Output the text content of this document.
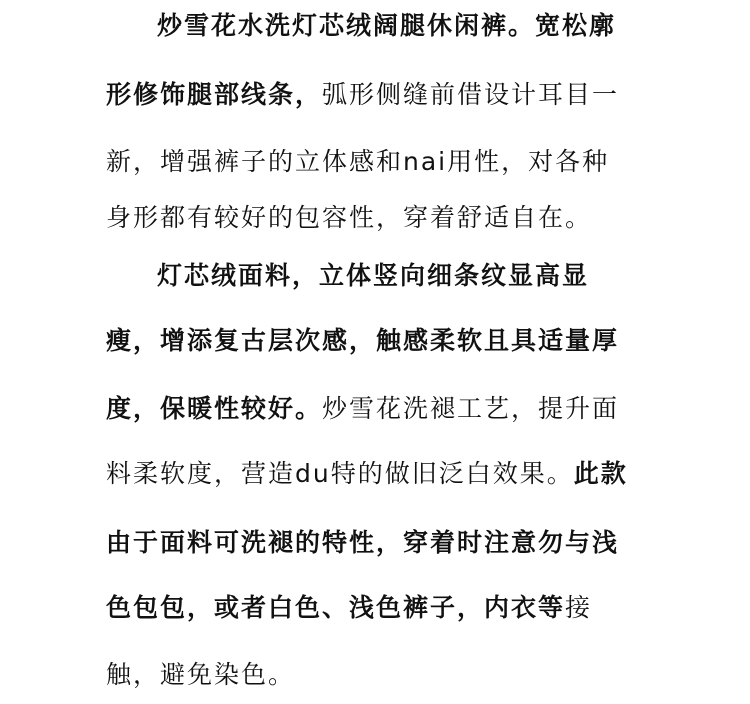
炒雪花水洗灯芯绒阔腿休闲裤。宽松廓
形修饰腿部线条，弧形侧缝前借设计耳目一
新，增强裤子的立体感和nai用性，对各种
身形都有较好的包容性，穿着舒适自在。
灯芯绒面料，立体竖向细条纹显高显
瘦，增添复古层次感，触感柔软且具适量厚
度，保暖性较好。炒雪花洗褪工艺，提升面
料柔软度，营造du特的做旧泛白效果。此款
由于面料可洗褪的特性，穿着时注意勿与浅
色包包，或者白色、浅色裤子，内衣等接
触，避免染色。
